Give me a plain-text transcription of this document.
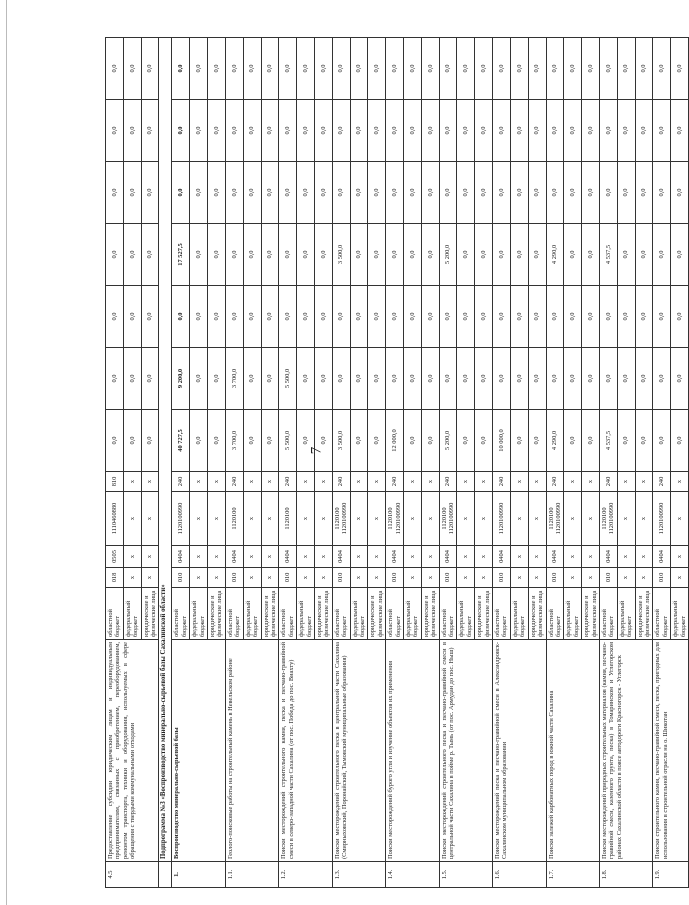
4.5	Предоставление субсидии юридическим лицам и индивидуальным предпринимателям, связанных с приобретением, переоборудованием, ремонтом транспорта, техники и оборудования, используемых в сфере обращения с твердыми коммунальными отходами	областной бюджет	018	0505	1110460880	810	0,0	0,0	0,0	0,0	0,0	0,0	0,0
		федеральный бюджет	x	x	x	x	0,0	0,0	0,0	0,0	0,0	0,0	0,0
		юридические и физические лица	x	x	x	x	0,0	0,0	0,0	0,0	0,0	0,0	0,0
	Подпрограмма №3 «Воспроизводство минерально-сырьевой базы Сахалинской области»												
1.	Воспроизводство минерально-сырьевой базы	областной бюджет	010	0404	1120100990	240	40 727,5	9 200,0	0,0	17 527,5	0,0	0,0	0,0
		федеральный бюджет	x	x	x	x	0,0	0,0	0,0	0,0	0,0	0,0	0,0
		юридические и физические лица	x	x	x	x	0,0	0,0	0,0	0,0	0,0	0,0	0,0
1.1.	Геолого-поисковые работы на строительный камень в Невельском районе	областной бюджет	010	0404	1120100	240	3 700,0	3 700,0	0,0	0,0	0,0	0,0	0,0
		федеральный бюджет	x	x	x	x	0,0	0,0	0,0	0,0	0,0	0,0	0,0
		юридические и физические лица	x	x	x	x	0,0	0,0	0,0	0,0	0,0	0,0	0,0
1.2.	Поиски месторождений строительного камня, песка и песчано-гравийной смеси в северо-западной части Сахалина (от пос. Победа до пос. Виахту)	областной бюджет	010	0404	1120100	240	5 500,0	5 500,0	0,0	0,0	0,0	0,0	0,0
		федеральный бюджет	x	x	x	x	0,0	0,0	0,0	0,0	0,0	0,0	0,0
		юридические и физические лица	x	x	x	x	0,0	0,0	0,0	0,0	0,0	0,0	0,0
1.3.	Поиски месторождений строительного песка в центральной части Сахалина (Смирныховский, Поронайский, Тымовский муниципальные образования)	областной бюджет	010	0404	1120100 1120100990	240	3 500,0	0,0	0,0	3 500,0	0,0	0,0	0,0
		федеральный бюджет	x	x	x	x	0,0	0,0	0,0	0,0	0,0	0,0	0,0
		юридические и физические лица	x	x	x	x	0,0	0,0	0,0	0,0	0,0	0,0	0,0
1.4.	Поиски месторождений бурого угля и изучение объектов их применения	областной бюджет	010	0404	1120100 1120100990	240	12 000,0	0,0	0,0	0,0	0,0	0,0	0,0
		федеральный бюджет	x	x	x	x	0,0	0,0	0,0	0,0	0,0	0,0	0,0
		юридические и физические лица	x	x	x	x	0,0	0,0	0,0	0,0	0,0	0,0	0,0
1.5.	Поиски месторождений строительного песка и песчано-гравийной смеси в центральной части Сахалина в пойме р. Тымь (от пос. Армудан до пос. Ныш)	областной бюджет	010	0404	1120100 1120100990	240	5 200,0	0,0	0,0	5 200,0	0,0	0,0	0,0
		федеральный бюджет	x	x	x	x	0,0	0,0	0,0	0,0	0,0	0,0	0,0
		юридические и физические лица	x	x	x	x	0,0	0,0	0,0	0,0	0,0	0,0	0,0
1.6.	Поиски месторождений песка и песчано-гравийной смеси в Александровск-Сахалинском муниципальном образовании	областной бюджет	010	0404	1120100990	240	10 000,0	0,0	0,0	0,0	0,0	0,0	0,0
		федеральный бюджет	x	x	x	x	0,0	0,0	0,0	0,0	0,0	0,0	0,0
		юридические и физические лица	x	x	x	x	0,0	0,0	0,0	0,0	0,0	0,0	0,0
1.7.	Поиски залежей карбонатных пород в южной части Сахалина	областной бюджет	010	0404	1120100 1120100990	240	4 290,0	0,0	0,0	4 290,0	0,0	0,0	0,0
		федеральный бюджет	x	x	x	x	0,0	0,0	0,0	0,0	0,0	0,0	0,0
		юридические и физические лица	x	x	x	x	0,0	0,0	0,0	0,0	0,0	0,0	0,0
1.8.	Поиски месторождений природных строительных материалов (камня, песчано-гравийной смеси, казенного грунта, песка) в Томаринском и Углегорском районах Сахалинской области в поясе автодороги Красногорск - Углегорск	областной бюджет	010	0404	1120100 1120100990	240	4 537,5	0,0	0,0	4 537,5	0,0	0,0	0,0
		федеральный бюджет	x	x	x	x	0,0	0,0	0,0	0,0	0,0	0,0	0,0
		юридические и физические лица	x	x	x	x	0,0	0,0	0,0	0,0	0,0	0,0	0,0
1.9.	Поиски строительного камня, песчано-гравийной смеси, песка, пригодных для использования в строительной отрасли на о. Шикотан	областной бюджет	010	0404	1120100990	240	0,0	0,0	0,0	0,0	0,0	0,0	0,0
		федеральный бюджет	x	x	x	x	0,0	0,0	0,0	0,0	0,0	0,0	0,0
7
